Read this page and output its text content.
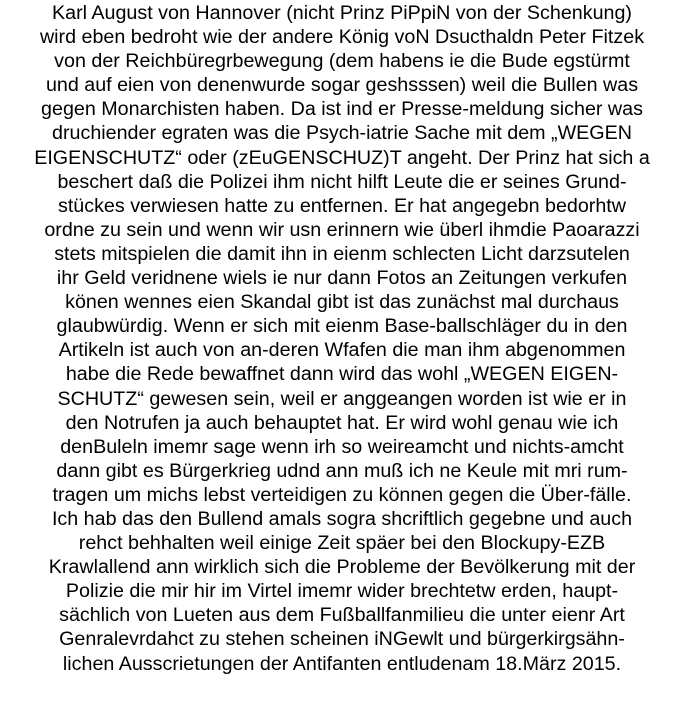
Karl August von Hannover (nicht Prinz PiPpiN von der Schenkung)
wird eben bedroht wie der andere König voN Dsucthaldn Peter Fitzek
von der Reichbüregrbewegung (dem habens ie die Bude egstürmt
und auf eien von denenwurde sogar geshsssen) weil die Bullen was
gegen Monarchisten haben. Da ist ind er Presse-meldung sicher was
druchiender egraten was die Psych-iatrie Sache mit dem „WEGEN
EIGENSCHUTZ“ oder (zEuGENSCHUZ)T angeht. Der Prinz hat sich a
beschert daß die Polizei ihm nicht hilft Leute die er seines Grund-
stückes verwiesen hatte zu entfernen. Er hat angegebn bedorhtw
ordne zu sein und wenn wir usn erinnern wie überl ihmdie Paoarazzi
stets mitspielen die damit ihn in eienm schlecten Licht darzsutelen
ihr Geld veridnene wiels ie nur dann Fotos an Zeitungen verkufen
könen wennes eien Skandal gibt ist das zunächst mal durchaus
glaubwürdig. Wenn er sich mit eienm Base-ballschläger du in den
Artikeln ist auch von an-deren Wfafen die man ihm abgenommen
habe die Rede bewaffnet dann wird das wohl „WEGEN EIGEN-
SCHUTZ“ gewesen sein, weil er anggeangen worden ist wie er in
den Notrufen ja auch behauptet hat. Er wird wohl genau wie ich
denBuleln imemr sage wenn irh so weireamcht und nichts-amcht
dann gibt es Bürgerkrieg udnd ann muß ich ne Keule mit mri rum-
tragen um michs lebst verteidigen zu können gegen die Über-fälle.
Ich hab das den Bullend amals sogra shcriftlich gegebne und auch
rehct behhalten weil einige Zeit späer bei den Blockupy-EZB
Krawlallend ann wirklich sich die Probleme der Bevölkerung mit der
Polizie die mir hir im Virtel imemr wider brechtetw erden, haupt-
sächlich von Lueten aus dem Fußballfanmilieu die unter eienr Art
Genralevrdahct zu stehen scheinen iNGewlt und bürgerkirgsähn-
lichen Ausscrietungen der Antifanten entludenam 18.März 2015.
